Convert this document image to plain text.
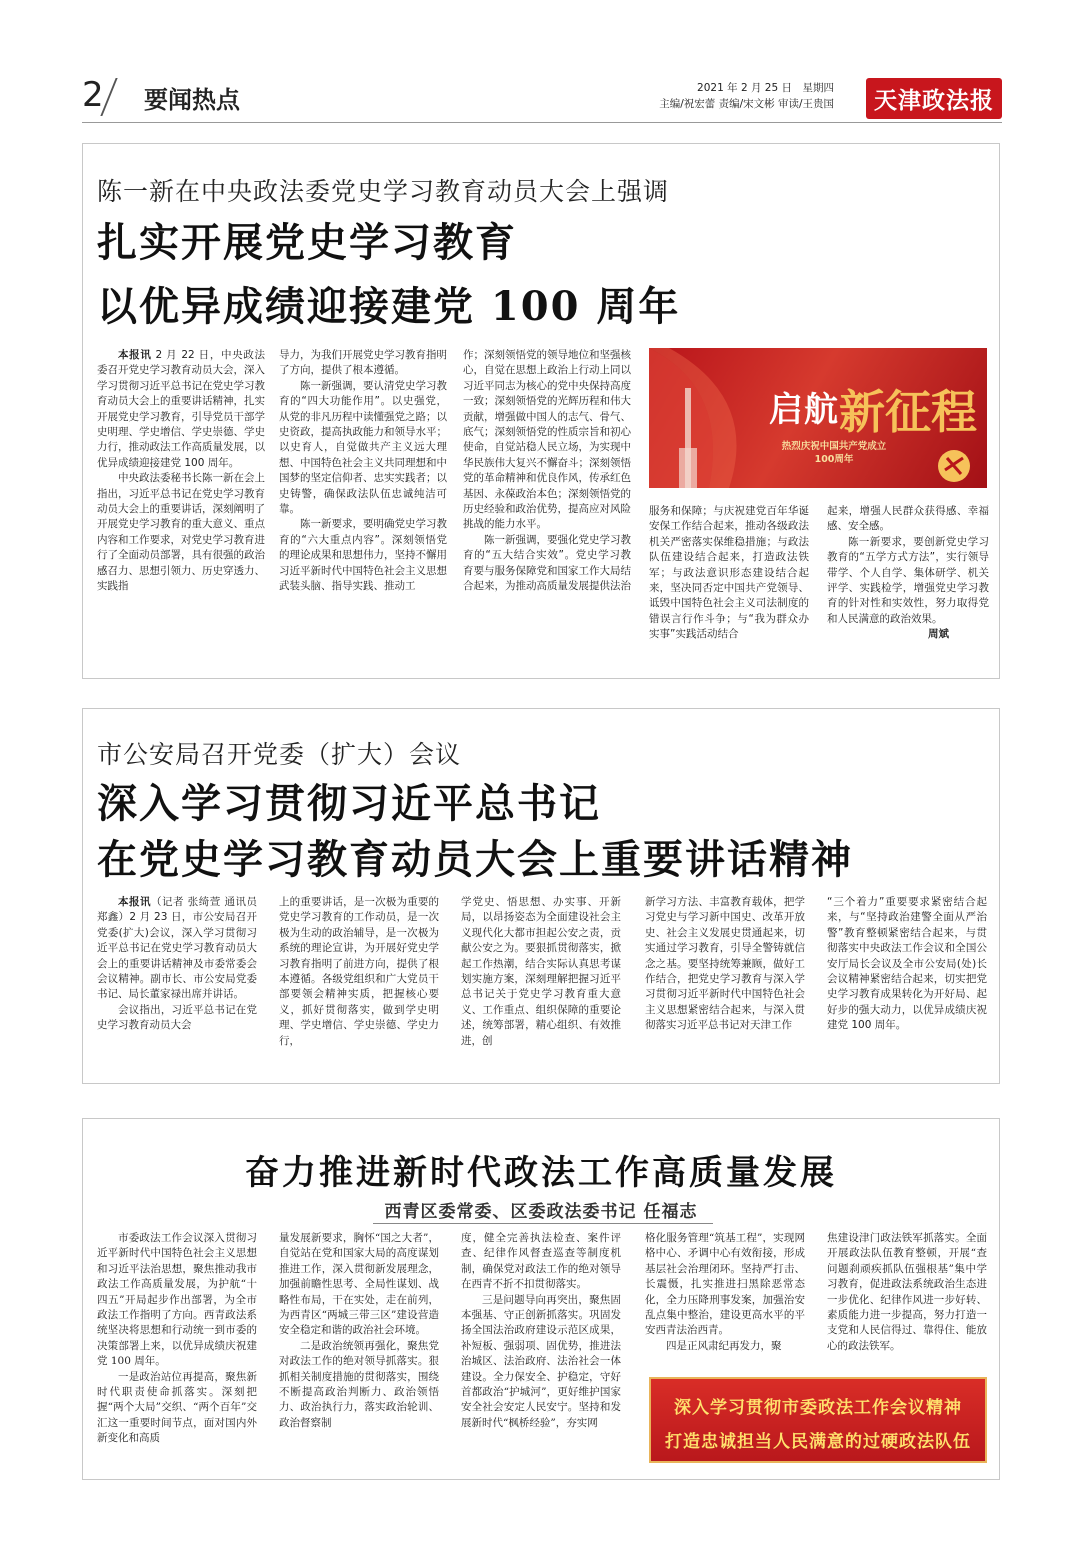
2 要闻热点	2021 年 2 月 25 日　星期四
主编/祝宏蕾 责编/宋文彬 审读/王贵国	天津政法报
陈一新在中央政法委党史学习教育动员大会上强调
扎实开展党史学习教育
以优异成绩迎接建党 100 周年

本报讯 2 月 22 日，中央政法委召开党史学习教育动员大会，深入学习贯彻习近平总书记在党史学习教育动员大会上的重要讲话精神，扎实开展党史学习教育，引导党员干部学史明理、学史增信、学史崇德、学史力行，推动政法工作高质量发展，以优异成绩迎接建党 100 周年。

中央政法委秘书长陈一新在会上指出，习近平总书记在党史学习教育动员大会上的重要讲话，深刻阐明了开展党史学习教育的重大意义、重点内容和工作要求，对党史学习教育进行了全面动员部署，具有很强的政治感召力、思想引领力、历史穿透力、实践指

导力，为我们开展党史学习教育指明了方向，提供了根本遵循。

陈一新强调，要认清党史学习教育的“四大功能作用”。以史强党，从党的非凡历程中读懂强党之路；以史资政，提高执政能力和领导水平；以史育人，自觉做共产主义远大理想、中国特色社会主义共同理想和中国梦的坚定信仰者、忠实实践者；以史铸警，确保政法队伍忠诚纯洁可靠。

陈一新要求，要明确党史学习教育的“六大重点内容”。深刻领悟党的理论成果和思想伟力，坚持不懈用习近平新时代中国特色社会主义思想武装头脑、指导实践、推动工

作；深刻领悟党的领导地位和坚强核心，自觉在思想上政治上行动上同以习近平同志为核心的党中央保持高度一致；深刻领悟党的光辉历程和伟大贡献，增强做中国人的志气、骨气、底气；深刻领悟党的性质宗旨和初心使命，自觉站稳人民立场，为实现中华民族伟大复兴不懈奋斗；深刻领悟党的革命精神和优良作风，传承红色基因、永葆政治本色；深刻领悟党的历史经验和政治优势，提高应对风险挑战的能力水平。

陈一新强调，要强化党史学习教育的“五大结合实效”。党史学习教育要与服务保障党和国家工作大局结合起来，为推动高质量发展提供法治

启航 新征程
热烈庆祝中国共产党成立100周年

服务和保障；与庆祝建党百年华诞安保工作结合起来，推动各级政法机关严密落实保维稳措施；与政法队伍建设结合起来，打造政法铁军；与政法意识形态建设结合起来，坚决同否定中国共产党领导、诋毁中国特色社会主义司法制度的错误言行作斗争；与“我为群众办实事”实践活动结合

起来，增强人民群众获得感、幸福感、安全感。

陈一新要求，要创新党史学习教育的“五学方式方法”，实行领导带学、个人自学、集体研学、机关评学、实践检学，增强党史学习教育的针对性和实效性，努力取得党和人民满意的政治效果。

周斌

市公安局召开党委（扩大）会议
深入学习贯彻习近平总书记
在党史学习教育动员大会上重要讲话精神

本报讯（记者 张绮萱 通讯员 郑鑫）2 月 23 日，市公安局召开党委(扩大)会议，深入学习贯彻习近平总书记在党史学习教育动员大会上的重要讲话精神及市委常委会会议精神。副市长、市公安局党委书记、局长董家禄出席并讲话。

会议指出，习近平总书记在党史学习教育动员大会

上的重要讲话，是一次极为重要的党史学习教育的工作动员，是一次极为生动的政治辅导，是一次极为系统的理论宣讲，为开展好党史学习教育指明了前进方向，提供了根本遵循。各级党组织和广大党员干部要领会精神实质，把握核心要义，抓好贯彻落实，做到学史明理、学史增信、学史崇德、学史力行，

学党史、悟思想、办实事、开新局，以昂扬姿态为全面建设社会主义现代化大都市担起公安之责，贡献公安之为。要狠抓贯彻落实，掀起工作热潮，结合实际认真思考谋划实施方案，深刻理解把握习近平总书记关于党史学习教育重大意义、工作重点、组织保障的重要论述，统筹部署，精心组织、有效推进，创

新学习方法、丰富教育载体，把学习党史与学习新中国史、改革开放史、社会主义发展史贯通起来，切实通过学习教育，引导全警铸就信念之基。要坚持统筹兼顾，做好工作结合，把党史学习教育与深入学习贯彻习近平新时代中国特色社会主义思想紧密结合起来，与深入贯彻落实习近平总书记对天津工作

“三个着力”重要要求紧密结合起来，与“坚持政治建警全面从严治警”教育整顿紧密结合起来，与贯彻落实中央政法工作会议和全国公安厅局长会议及全市公安局(处)长会议精神紧密结合起来，切实把党史学习教育成果转化为开好局、起好步的强大动力，以优异成绩庆祝建党 100 周年。

奋力推进新时代政法工作高质量发展
西青区委常委、区委政法委书记 任福志

市委政法工作会议深入贯彻习近平新时代中国特色社会主义思想和习近平法治思想，聚焦推动我市政法工作高质量发展，为护航“十四五”开局起步作出部署，为全市政法工作指明了方向。西青政法系统坚决将思想和行动统一到市委的决策部署上来，以优异成绩庆祝建党 100 周年。

一是政治站位再提高，聚焦新时代职责使命抓落实。深刻把握“两个大局”交织、“两个百年”交汇这一重要时间节点，面对国内外新变化和高质

量发展新要求，胸怀“国之大者”，自觉站在党和国家大局的高度谋划推进工作，深入贯彻新发展理念，加强前瞻性思考、全局性谋划、战略性布局，干在实处，走在前列，为西青区“两城三带三区”建设营造安全稳定和谐的政治社会环境。

二是政治统领再强化，聚焦党对政法工作的绝对领导抓落实。狠抓相关制度措施的贯彻落实，围绕不断提高政治判断力、政治领悟力、政治执行力，落实政治轮训、政治督察制

度，健全完善执法检查、案件评查、纪律作风督查巡查等制度机制，确保党对政法工作的绝对领导在西青不折不扣贯彻落实。

三是问题导向再突出，聚焦固本强基、守正创新抓落实。巩固发扬全国法治政府建设示范区成果，补短板、强弱项、固优势，推进法治城区、法治政府、法治社会一体建设。全力保安全、护稳定，守好首都政治“护城河”，更好维护国家安全社会安定人民安宁。坚持和发展新时代“枫桥经验”，夯实网

格化服务管理“筑基工程”，实现网格中心、矛调中心有效衔接，形成基层社会治理闭环。坚持严打击、长震慑，扎实推进扫黑除恶常态化，全力压降刑事发案，加强治安乱点集中整治，建设更高水平的平安西青法治西青。

四是正风肃纪再发力，聚

焦建设津门政法铁军抓落实。全面开展政法队伍教育整顿，开展“查问题刹顽疾抓队伍强根基”集中学习教育，促进政法系统政治生态进一步优化、纪律作风进一步好转、素质能力进一步提高，努力打造一支党和人民信得过、靠得住、能放心的政法铁军。

深入学习贯彻市委政法工作会议精神
打造忠诚担当人民满意的过硬政法队伍
